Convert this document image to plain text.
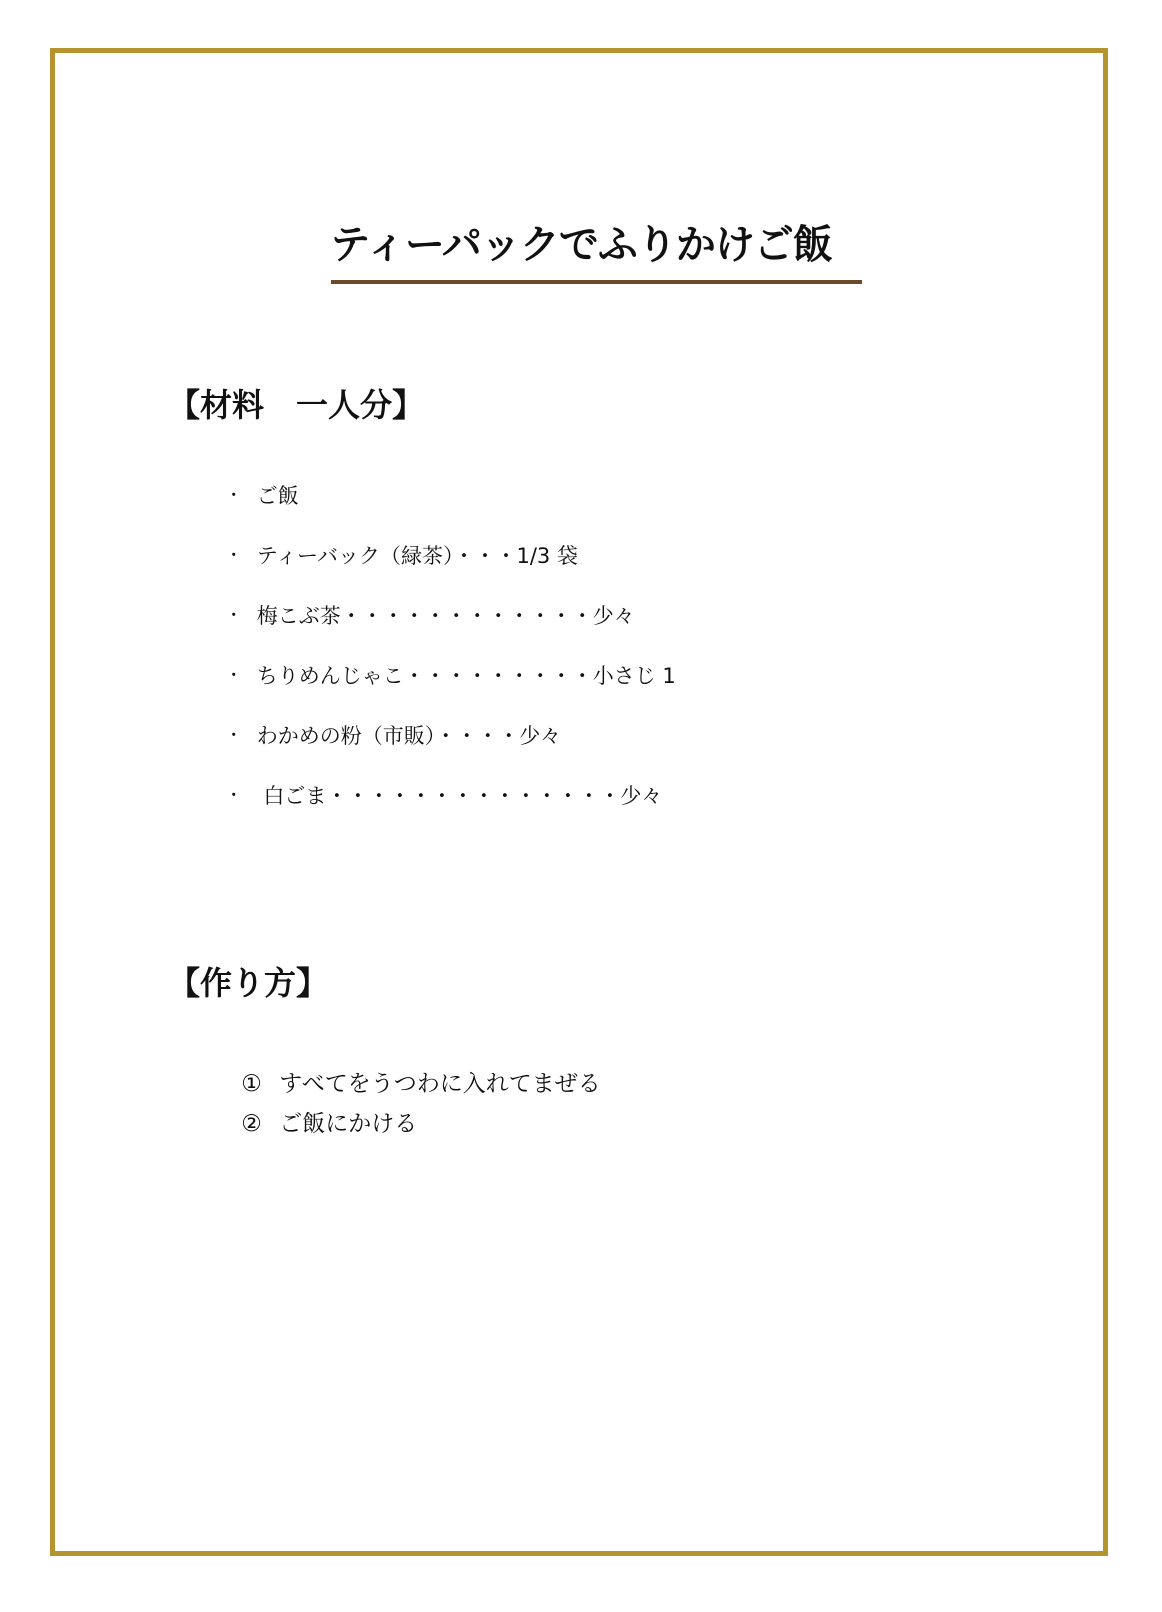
ティーパックでふりかけご飯
【材料　一人分】

・ ご飯

・ ティーバック（緑茶）・・・1/3 袋

・ 梅こぶ茶・・・・・・・・・・・・少々

・ ちりめんじゃこ・・・・・・・・・小さじ 1

・ わかめの粉（市販）・・・・少々

・ 白ごま・・・・・・・・・・・・・・少々

【作り方】

① すべてをうつわに入れてまぜる

② ご飯にかける
